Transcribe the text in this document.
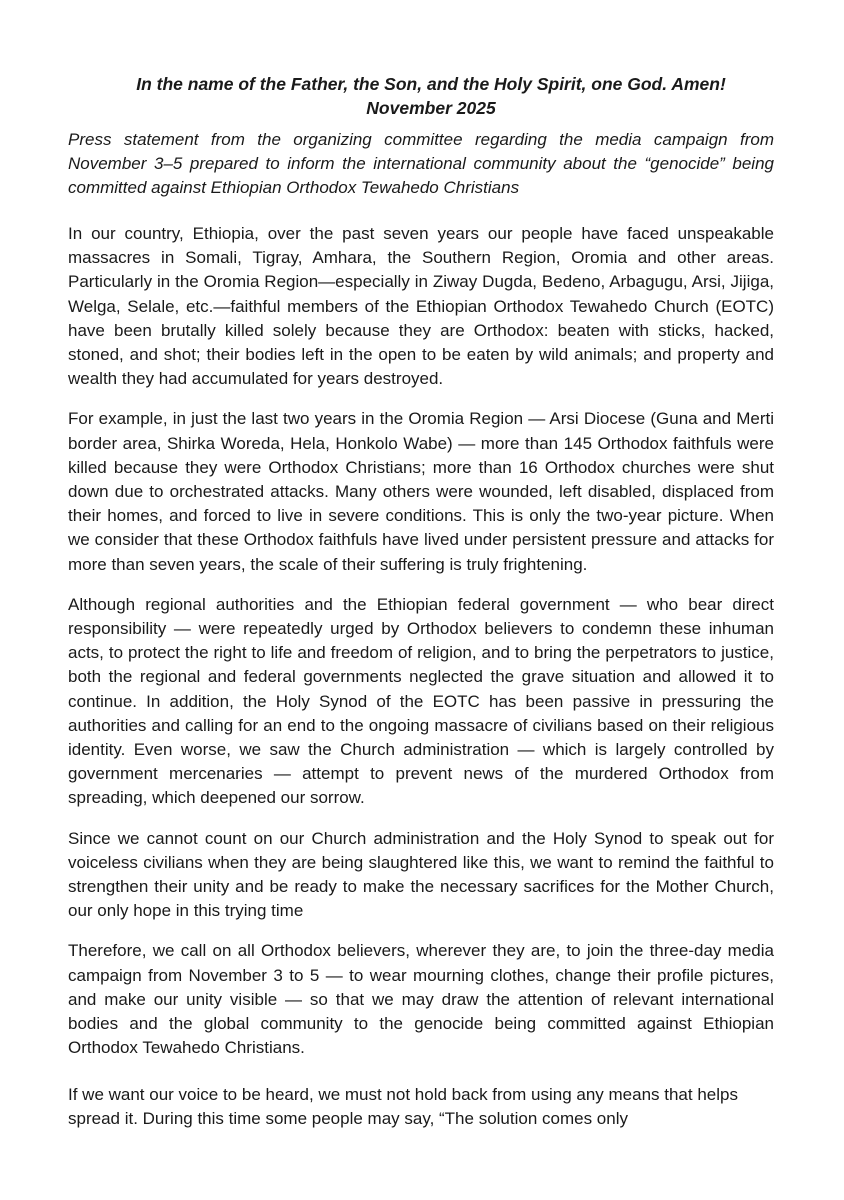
In the name of the Father, the Son, and the Holy Spirit, one God. Amen!

November 2025

Press statement from the organizing committee regarding the media campaign from November 3–5 prepared to inform the international community about the “genocide” being committed against Ethiopian Orthodox Tewahedo Christians

In our country, Ethiopia, over the past seven years our people have faced unspeakable massacres in Somali, Tigray, Amhara, the Southern Region, Oromia and other areas. Particularly in the Oromia Region—especially in Ziway Dugda, Bedeno, Arbagugu, Arsi, Jijiga, Welga, Selale, etc.—faithful members of the Ethiopian Orthodox Tewahedo Church (EOTC) have been brutally killed solely because they are Orthodox: beaten with sticks, hacked, stoned, and shot; their bodies left in the open to be eaten by wild animals; and property and wealth they had accumulated for years destroyed.

For example, in just the last two years in the Oromia Region — Arsi Diocese (Guna and Merti border area, Shirka Woreda, Hela, Honkolo Wabe) — more than 145 Orthodox faithfuls were killed because they were Orthodox Christians; more than 16 Orthodox churches were shut down due to orchestrated attacks. Many others were wounded, left disabled, displaced from their homes, and forced to live in severe conditions. This is only the two-year picture. When we consider that these Orthodox faithfuls have lived under persistent pressure and attacks for more than seven years, the scale of their suffering is truly frightening.

Although regional authorities and the Ethiopian federal government — who bear direct responsibility — were repeatedly urged by Orthodox believers to condemn these inhuman acts, to protect the right to life and freedom of religion, and to bring the perpetrators to justice, both the regional and federal governments neglected the grave situation and allowed it to continue. In addition, the Holy Synod of the EOTC has been passive in pressuring the authorities and calling for an end to the ongoing massacre of civilians based on their religious identity. Even worse, we saw the Church administration — which is largely controlled by government mercenaries — attempt to prevent news of the murdered Orthodox from spreading, which deepened our sorrow.

Since we cannot count on our Church administration and the Holy Synod to speak out for voiceless civilians when they are being slaughtered like this, we want to remind the faithful to strengthen their unity and be ready to make the necessary sacrifices for the Mother Church, our only hope in this trying time

Therefore, we call on all Orthodox believers, wherever they are, to join the three-day media campaign from November 3 to 5 — to wear mourning clothes, change their profile pictures, and make our unity visible — so that we may draw the attention of relevant international bodies and the global community to the genocide being committed against Ethiopian Orthodox Tewahedo Christians.

If we want our voice to be heard, we must not hold back from using any means that helps spread it. During this time some people may say, “The solution comes only
